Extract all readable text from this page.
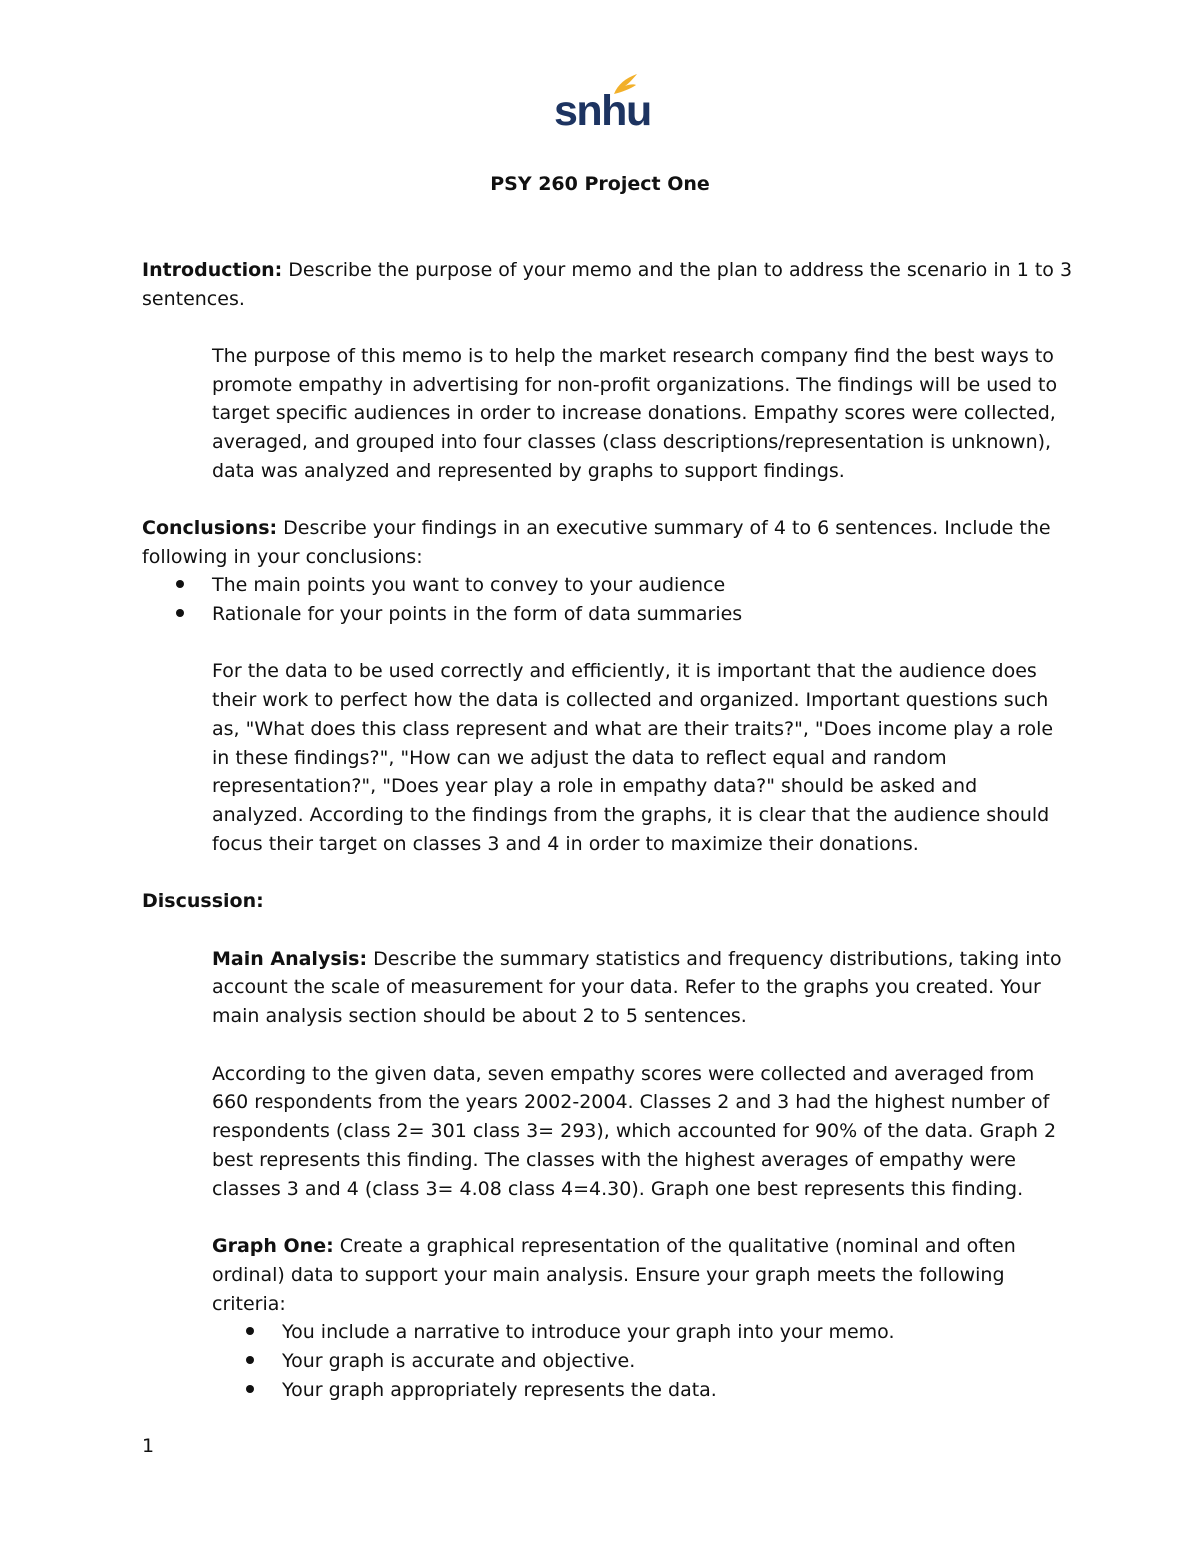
snhu
PSY 260 Project One
Introduction: Describe the purpose of your memo and the plan to address the scenario in 1 to 3
sentences.
The purpose of this memo is to help the market research company find the best ways to
promote empathy in advertising for non-profit organizations. The findings will be used to
target specific audiences in order to increase donations. Empathy scores were collected,
averaged, and grouped into four classes (class descriptions/representation is unknown),
data was analyzed and represented by graphs to support findings.
Conclusions: Describe your findings in an executive summary of 4 to 6 sentences. Include the
following in your conclusions:
The main points you want to convey to your audience
Rationale for your points in the form of data summaries
For the data to be used correctly and efficiently, it is important that the audience does
their work to perfect how the data is collected and organized. Important questions such
as, "What does this class represent and what are their traits?", "Does income play a role
in these findings?", "How can we adjust the data to reflect equal and random
representation?", "Does year play a role in empathy data?" should be asked and
analyzed. According to the findings from the graphs, it is clear that the audience should
focus their target on classes 3 and 4 in order to maximize their donations.
Discussion:
Main Analysis: Describe the summary statistics and frequency distributions, taking into
account the scale of measurement for your data. Refer to the graphs you created. Your
main analysis section should be about 2 to 5 sentences.
According to the given data, seven empathy scores were collected and averaged from
660 respondents from the years 2002-2004. Classes 2 and 3 had the highest number of
respondents (class 2= 301 class 3= 293), which accounted for 90% of the data. Graph 2
best represents this finding. The classes with the highest averages of empathy were
classes 3 and 4 (class 3= 4.08 class 4=4.30). Graph one best represents this finding.
Graph One: Create a graphical representation of the qualitative (nominal and often
ordinal) data to support your main analysis. Ensure your graph meets the following
criteria:
You include a narrative to introduce your graph into your memo.
Your graph is accurate and objective.
Your graph appropriately represents the data.
1
